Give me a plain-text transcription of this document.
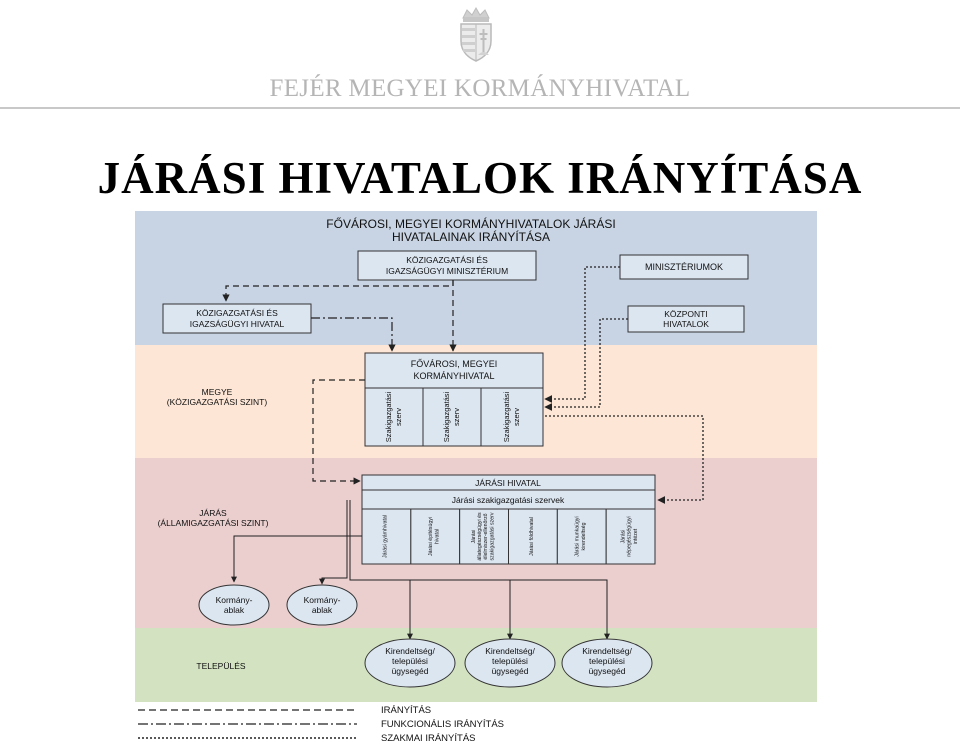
FEJÉR MEGYEI KORMÁNYHIVATAL
JÁRÁSI HIVATALOK IRÁNYÍTÁSA
FŐVÁROSI, MEGYEI KORMÁNYHIVATALOK JÁRÁSI
HIVATALAINAK IRÁNYÍTÁSA
KÖZIGAZGATÁSI ÉS
IGAZSÁGÜGYI MINISZTÉRIUM	MINISZTÉRIUMOK
KÖZPONTI
HIVATALOK
KÖZIGAZGATÁSI ÉS
IGAZSÁGÜGYI HIVATAL
MEGYE
(KÖZIGAZGATÁSI SZINT)
FŐVÁROSI, MEGYEI
KORMÁNYHIVATAL
Szakigazgatási szerv	Szakigazgatási szerv	Szakigazgatási szerv
JÁRÁS
(ÁLLAMIGAZGATÁSI SZINT)
JÁRÁSI HIVATAL
Járási szakigazgatási szervek
Járási gyámhivatal	Járási építésügyi hivatal	Járási állategészségügyi és élelmiszer-ellenőrző szakigazgatási szerv	Járási földhivatal	Járási munkaügyi kirendeltség	Járási népegészségügyi intézet
Kormány-
ablak
Kormány-
ablak
TELEPÜLÉS
Kirendeltség/
települési
ügysegéd
Kirendeltség/
települési
ügysegéd
Kirendeltség/
települési
ügysegéd
IRÁNYÍTÁS
FUNKCIONÁLIS IRÁNYÍTÁS
SZAKMAI IRÁNYÍTÁS
